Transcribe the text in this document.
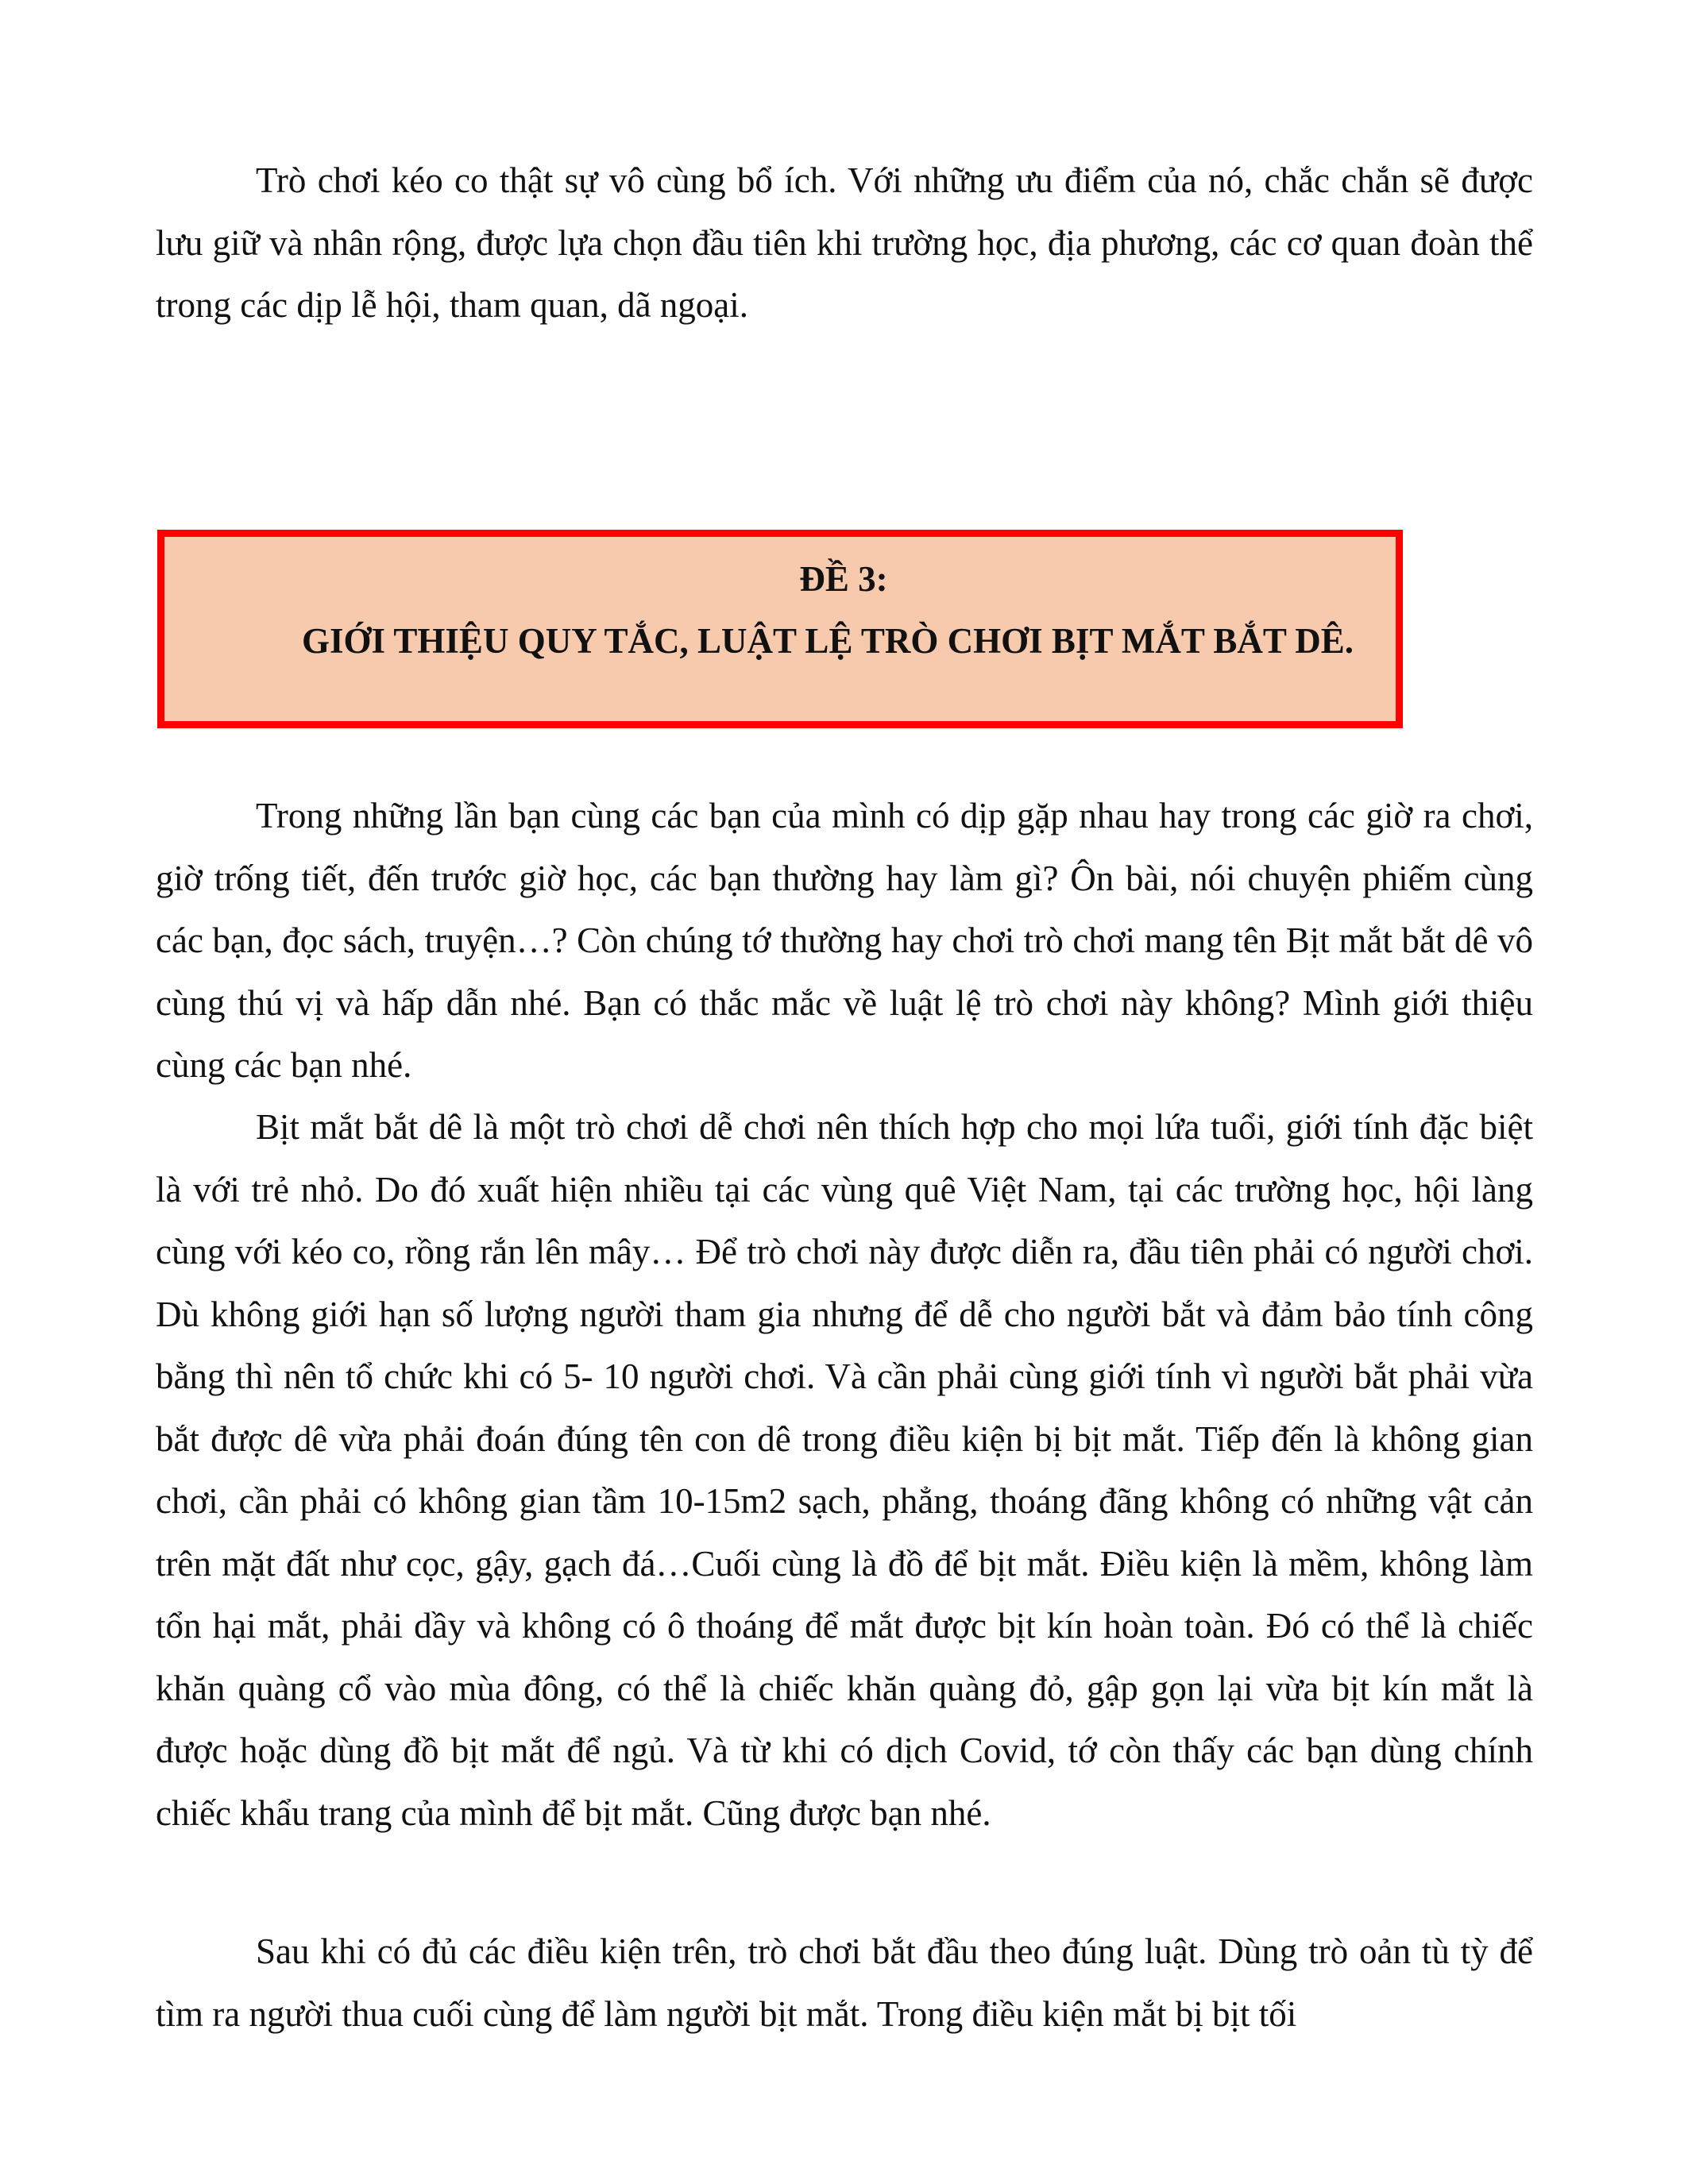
Trò chơi kéo co thật sự vô cùng bổ ích. Với những ưu điểm của nó, chắc chắn sẽ được lưu giữ và nhân rộng, được lựa chọn đầu tiên khi trường học, địa phương, các cơ quan đoàn thể trong các dịp lễ hội, tham quan, dã ngoại.

ĐỀ 3:
GIỚI THIỆU QUY TẮC, LUẬT LỆ TRÒ CHƠI BỊT MẮT BẮT DÊ.

Trong những lần bạn cùng các bạn của mình có dịp gặp nhau hay trong các giờ ra chơi, giờ trống tiết, đến trước giờ học, các bạn thường hay làm gì? Ôn bài, nói chuyện phiếm cùng các bạn, đọc sách, truyện…? Còn chúng tớ thường hay chơi trò chơi mang tên Bịt mắt bắt dê vô cùng thú vị và hấp dẫn nhé. Bạn có thắc mắc về luật lệ trò chơi này không? Mình giới thiệu cùng các bạn nhé.

Bịt mắt bắt dê là một trò chơi dễ chơi nên thích hợp cho mọi lứa tuổi, giới tính đặc biệt là với trẻ nhỏ. Do đó xuất hiện nhiều tại các vùng quê Việt Nam, tại các trường học, hội làng cùng với kéo co, rồng rắn lên mây… Để trò chơi này được diễn ra, đầu tiên phải có người chơi. Dù không giới hạn số lượng người tham gia nhưng để dễ cho người bắt và đảm bảo tính công bằng thì nên tổ chức khi có 5- 10 người chơi. Và cần phải cùng giới tính vì người bắt phải vừa bắt được dê vừa phải đoán đúng tên con dê trong điều kiện bị bịt mắt. Tiếp đến là không gian chơi, cần phải có không gian tầm 10-15m2 sạch, phẳng, thoáng đãng không có những vật cản trên mặt đất như cọc, gậy, gạch đá…Cuối cùng là đồ để bịt mắt. Điều kiện là mềm, không làm tổn hại mắt, phải dầy và không có ô thoáng để mắt được bịt kín hoàn toàn. Đó có thể là chiếc khăn quàng cổ vào mùa đông, có thể là chiếc khăn quàng đỏ, gập gọn lại vừa bịt kín mắt là được hoặc dùng đồ bịt mắt để ngủ. Và từ khi có dịch Covid, tớ còn thấy các bạn dùng chính chiếc khẩu trang của mình để bịt mắt. Cũng được bạn nhé.

Sau khi có đủ các điều kiện trên, trò chơi bắt đầu theo đúng luật. Dùng trò oản tù tỳ để tìm ra người thua cuối cùng để làm người bịt mắt. Trong điều kiện mắt bị bịt tối
